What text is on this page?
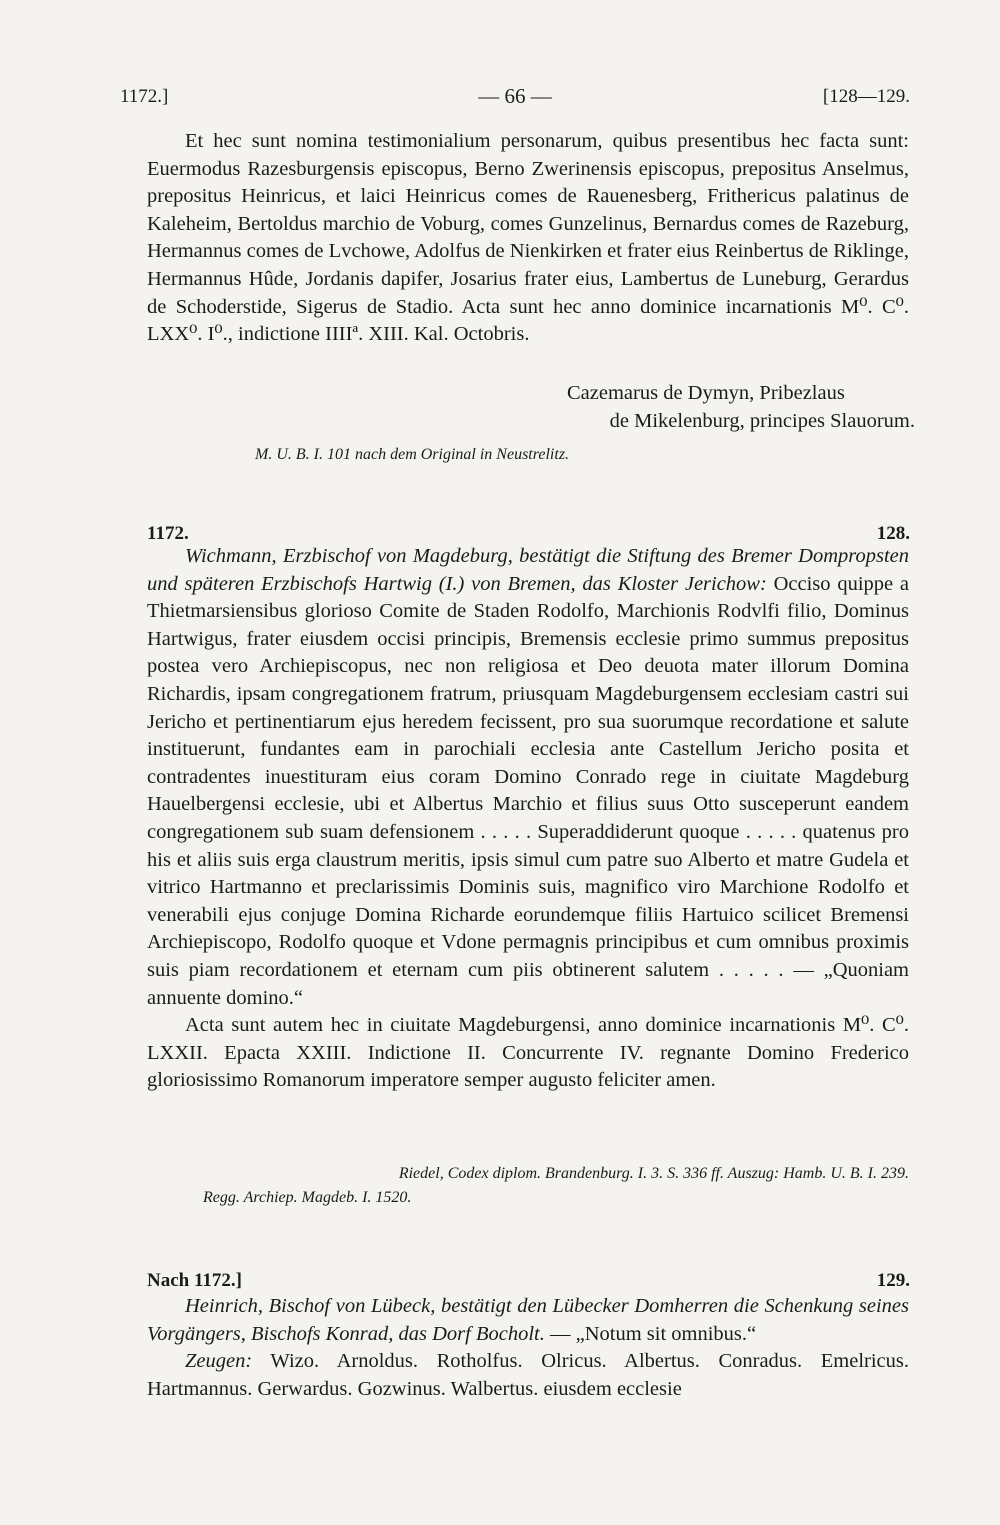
1172.]	— 66 —	[128—129.

Et hec sunt nomina testimonialium personarum, quibus presentibus hec facta sunt: Euermodus Razesburgensis episcopus, Berno Zwerinensis episcopus, prepositus Anselmus, prepositus Heinricus, et laici Heinricus comes de Rauenesberg, Frithericus palatinus de Kaleheim, Bertoldus marchio de Voburg, comes Gunzelinus, Bernardus comes de Razeburg, Hermannus comes de Lvchowe, Adolfus de Nienkirken et frater eius Reinbertus de Riklinge, Hermannus Hûde, Jordanis dapifer, Josarius frater eius, Lambertus de Luneburg, Gerardus de Schoderstide, Sigerus de Stadio. Acta sunt hec anno dominice incarnationis M⁰. C⁰. LXX⁰. I⁰., indictione IIIIª. XIII. Kal. Octobris.

Cazemarus de Dymyn, Pribezlaus
de Mikelenburg, principes Slauorum.
M. U. B. I. 101 nach dem Original in Neustrelitz.
1172.	128.

Wichmann, Erzbischof von Magdeburg, bestätigt die Stiftung des Bremer Dompropsten und späteren Erzbischofs Hartwig (I.) von Bremen, das Kloster Jerichow: Occiso quippe a Thietmarsiensibus glorioso Comite de Staden Rodolfo, Marchionis Rodvlfi filio, Dominus Hartwigus, frater eiusdem occisi principis, Bremensis ecclesie primo summus prepositus postea vero Archiepiscopus, nec non religiosa et Deo deuota mater illorum Domina Richardis, ipsam congregationem fratrum, priusquam Magdeburgensem ecclesiam castri sui Jericho et pertinentiarum ejus heredem fecissent, pro sua suorumque recordatione et salute instituerunt, fundantes eam in parochiali ecclesia ante Castellum Jericho posita et contradentes inuestituram eius coram Domino Conrado rege in ciuitate Magdeburg Hauelbergensi ecclesie, ubi et Albertus Marchio et filius suus Otto susceperunt eandem congregationem sub suam defensionem . . . . . Superaddiderunt quoque . . . . . quatenus pro his et aliis suis erga claustrum meritis, ipsis simul cum patre suo Alberto et matre Gudela et vitrico Hartmanno et preclarissimis Dominis suis, magnifico viro Marchione Rodolfo et venerabili ejus conjuge Domina Richarde eorundemque filiis Hartuico scilicet Bremensi Archiepiscopo, Rodolfo quoque et Vdone permagnis principibus et cum omnibus proximis suis piam recordationem et eternam cum piis obtinerent salutem . . . . . — „Quoniam annuente domino.“

Acta sunt autem hec in ciuitate Magdeburgensi, anno dominice incarnationis M⁰. C⁰. LXXII. Epacta XXIII. Indictione II. Concurrente IV. regnante Domino Frederico gloriosissimo Romanorum imperatore semper augusto feliciter amen.

Riedel, Codex diplom. Brandenburg. I. 3. S. 336 ff. Auszug: Hamb. U. B. I. 239.
Regg. Archiep. Magdeb. I. 1520.
Nach 1172.]	129.

Heinrich, Bischof von Lübeck, bestätigt den Lübecker Domherren die Schenkung seines Vorgängers, Bischofs Konrad, das Dorf Bocholt. — „Notum sit omnibus.“

Zeugen: Wizo. Arnoldus. Rotholfus. Olricus. Albertus. Conradus. Emelricus. Hartmannus. Gerwardus. Gozwinus. Walbertus. eiusdem ecclesie
